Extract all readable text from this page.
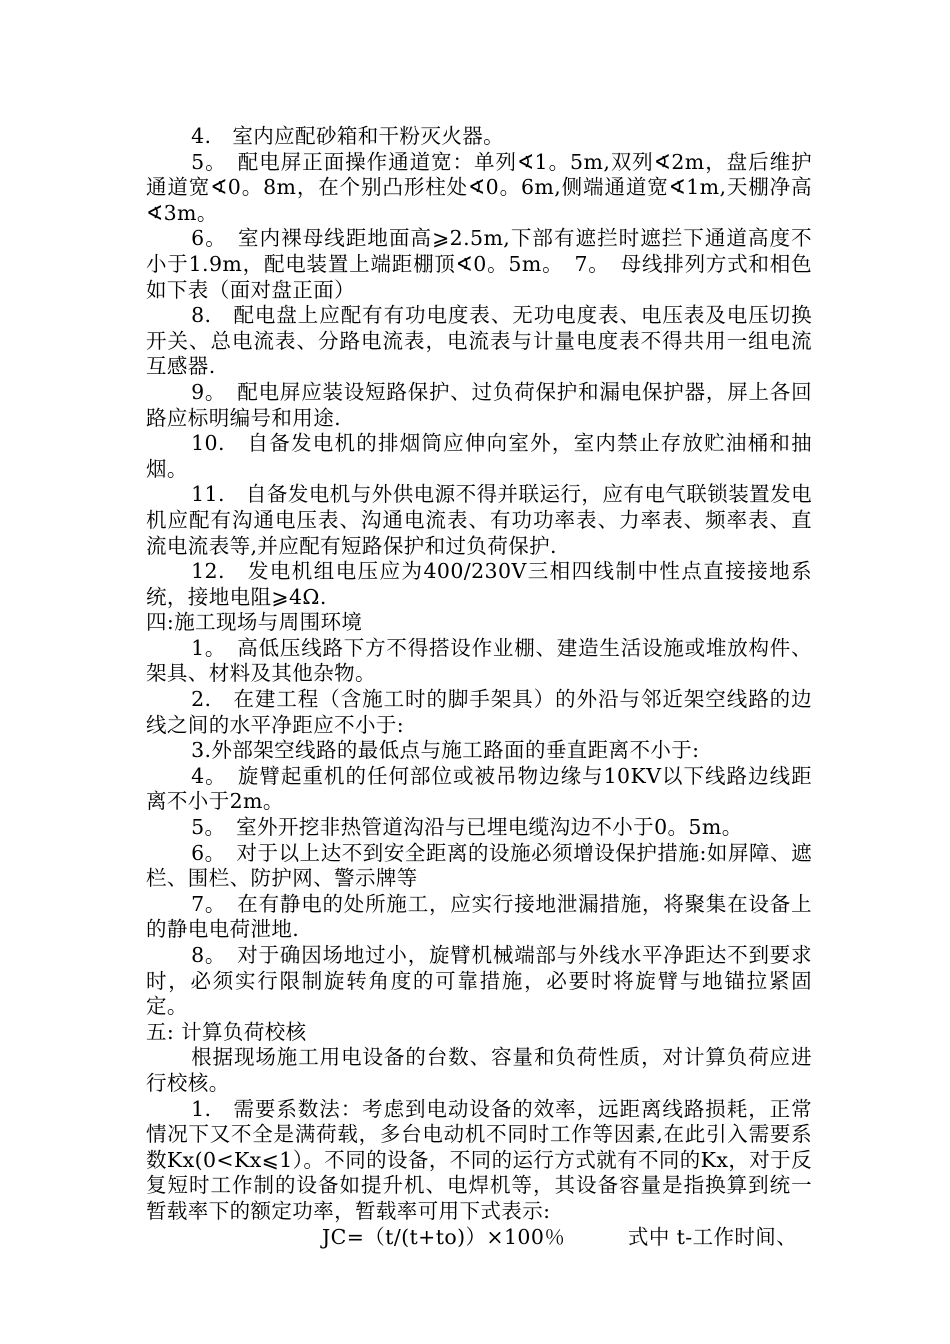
4.　室内应配砂箱和干粉灭火器。

5。　配电屏正面操作通道宽：单列∢1。5m,双列∢2m，盘后维护通道宽∢0。8m，在个别凸形柱处∢0。6m,侧端通道宽∢1m,天棚净高∢3m。

6。　室内裸母线距地面高⩾2.5m,下部有遮拦时遮拦下通道高度不小于1.9m，配电装置上端距棚顶∢0。5m。　7。　母线排列方式和相色如下表（面对盘正面）

8.　配电盘上应配有有功电度表、无功电度表、电压表及电压切换开关、总电流表、分路电流表，电流表与计量电度表不得共用一组电流互感器.

9。　配电屏应装设短路保护、过负荷保护和漏电保护器，屏上各回路应标明编号和用途.

10.　自备发电机的排烟筒应伸向室外，室内禁止存放贮油桶和抽烟。

11.　自备发电机与外供电源不得并联运行，应有电气联锁装置发电机应配有沟通电压表、沟通电流表、有功功率表、力率表、频率表、直流电流表等,并应配有短路保护和过负荷保护.

12.　发电机组电压应为400/230V三相四线制中性点直接接地系统，接地电阻⩾4Ω.

四:施工现场与周围环境

1。　高低压线路下方不得搭设作业棚、建造生活设施或堆放构件、架具、材料及其他杂物。

2.　在建工程（含施工时的脚手架具）的外沿与邻近架空线路的边线之间的水平净距应不小于:

3.外部架空线路的最低点与施工路面的垂直距离不小于:

4。　旋臂起重机的任何部位或被吊物边缘与10KV以下线路边线距离不小于2m。

5。　室外开挖非热管道沟沿与已埋电缆沟边不小于0。5m。

6。　对于以上达不到安全距离的设施必须增设保护措施:如屏障、遮栏、围栏、防护网、警示牌等

7。　在有静电的处所施工，应实行接地泄漏措施，将聚集在设备上的静电电荷泄地.

8。　对于确因场地过小，旋臂机械端部与外线水平净距达不到要求时，必须实行限制旋转角度的可靠措施，必要时将旋臂与地锚拉紧固定。

五: 计算负荷校核

根据现场施工用电设备的台数、容量和负荷性质，对计算负荷应进行校核。

1.　需要系数法：考虑到电动设备的效率，远距离线路损耗，正常情况下又不全是满荷载，多台电动机不同时工作等因素,在此引入需要系数Kx(0<Kx⩽1）。不同的设备，不同的运行方式就有不同的Kx，对于反复短时工作制的设备如提升机、电焊机等，其设备容量是指换算到统一暂载率下的额定功率，暂载率可用下式表示:

JC=（t/(t+to)）×100％　　　式中 t-工作时间、
